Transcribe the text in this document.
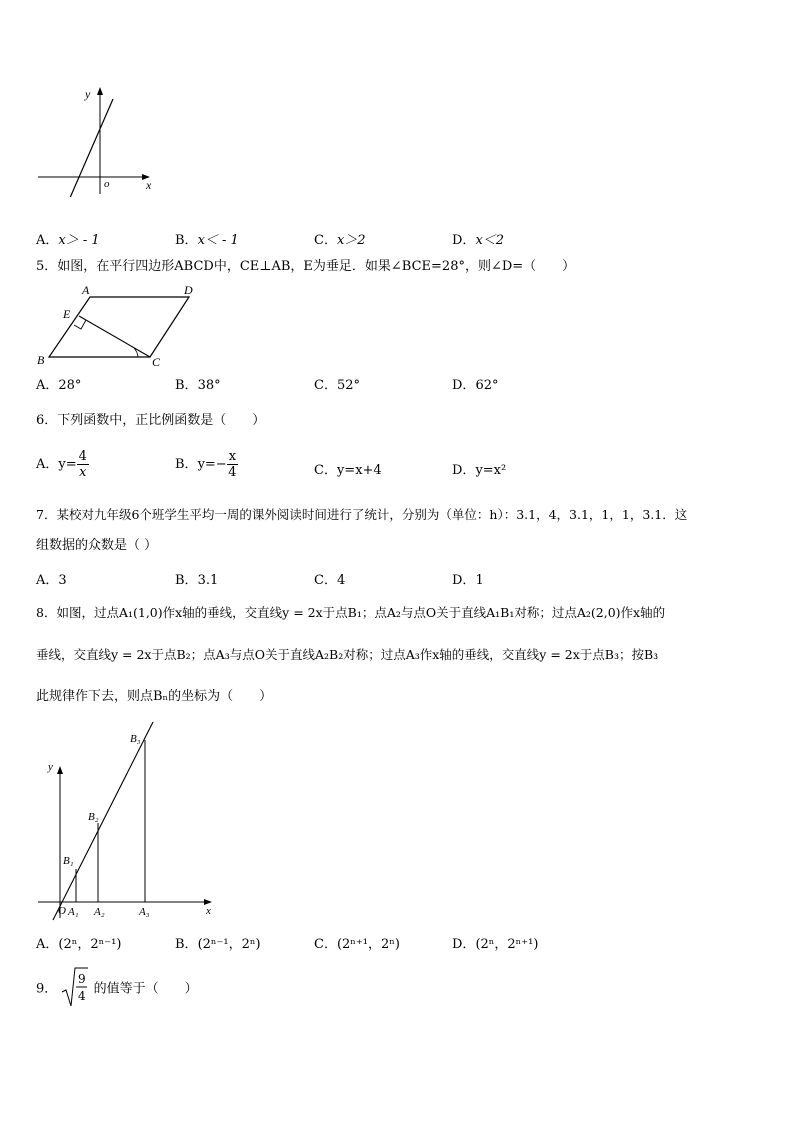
y
x
o
A．x＞ - 1	B．x＜ - 1	C．x＞2	D．x＜2
5．如图，在平行四边形ABCD中，CE⊥AB，E为垂足．如果∠BCE=28°，则∠D=（　　）
A	D
E
B	C
A．28°	B．38°	C．52°	D．62°
6．下列函数中，正比例函数是（　　）
A．$y= \frac{4}{x}$	B．$y=- \frac{x}{4}$	C．y=x+4	D．y=x²
7．某校对九年级6个班学生平均一周的课外阅读时间进行了统计，分别为（单位：h）：3.1，4，3.1，1，1，3.1．这
组数据的众数是（ ）
A．3	B．3.1	C．4	D．1
8．如图，过点A₁(1,0)作x轴的垂线，交直线y = 2x于点B₁；点A₂与点O关于直线A₁B₁对称；过点A₂(2,0)作x轴的
垂线，交直线y = 2x于点B₂；点A₃与点O关于直线A₂B₂对称；过点A₃作x轴的垂线，交直线y = 2x于点B₃；按B₃
此规律作下去，则点Bₙ的坐标为（　　）
y
x
O A₁ A₂	A₃
B₁
B₂
B₃
A．(2ⁿ，2ⁿ⁻¹)	B．(2ⁿ⁻¹，2ⁿ)	C．(2ⁿ⁺¹，2ⁿ)	D．(2ⁿ，2ⁿ⁺¹)
9．
9
4 的值等于（　　）
